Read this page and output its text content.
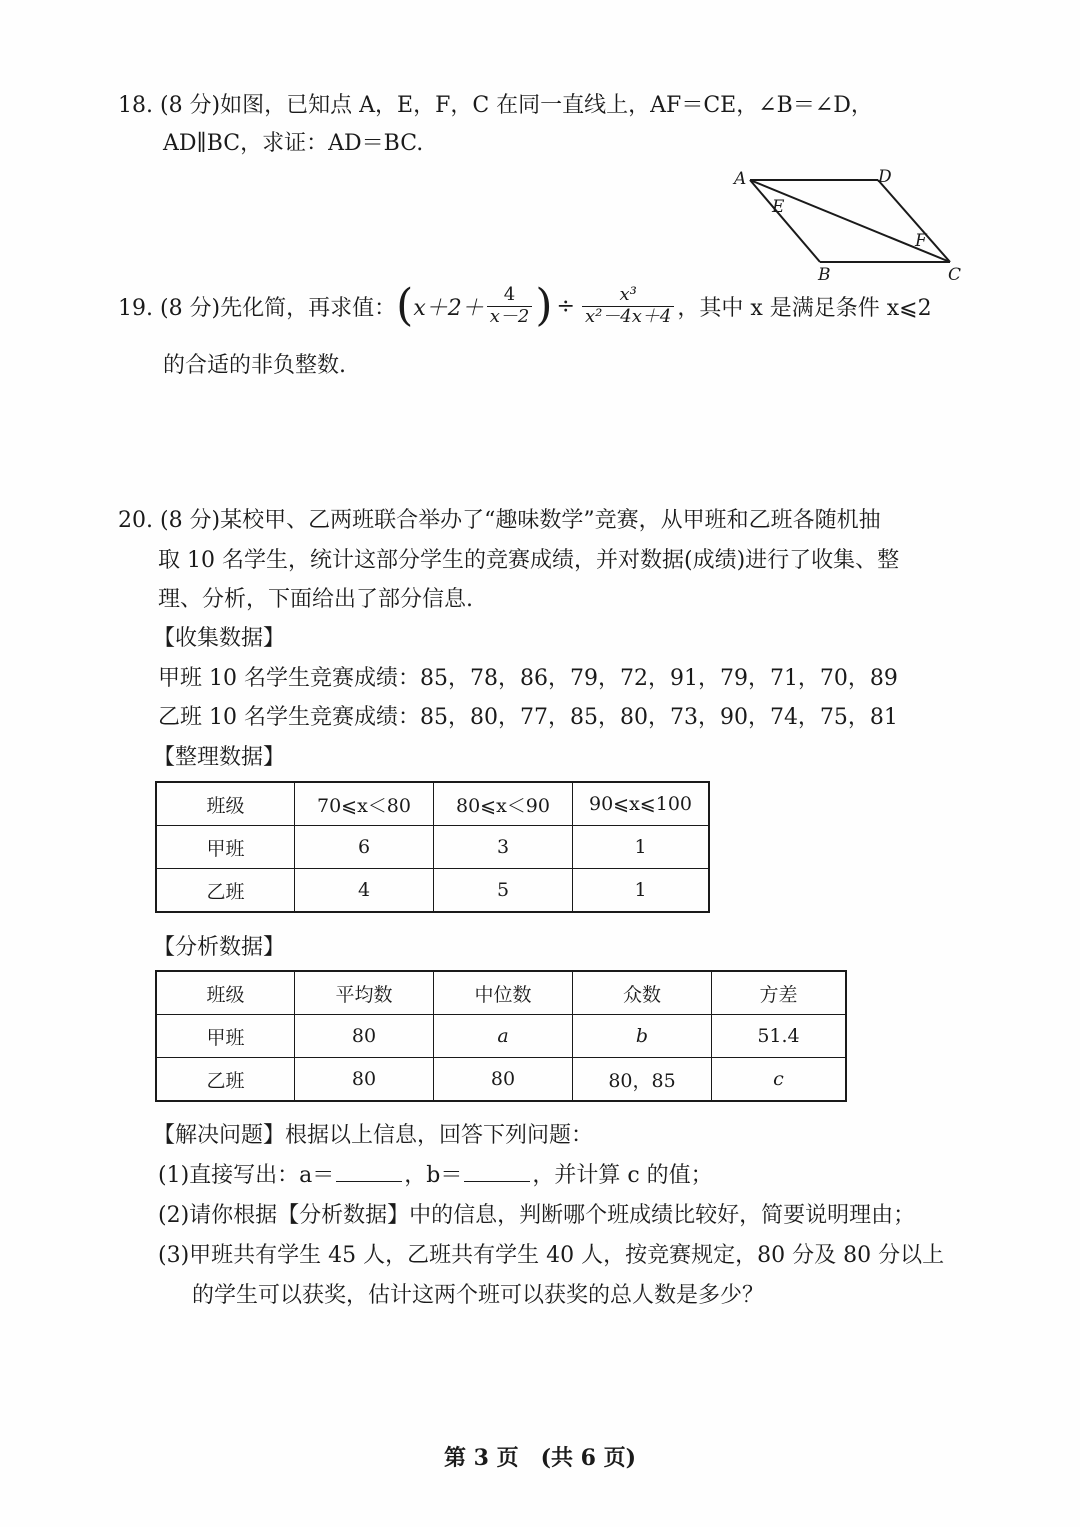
18. (8 分)如图，已知点 A，E，F，C 在同一直线上，AF＝CE，∠B＝∠D，
AD∥BC，求证：AD＝BC.
A	D
E
F
B	C
19. (8 分)先化简，再求值： ( $x+2+ \frac{4}{x-2}$ ) ÷ $\frac{\text{x³}}{\text{x²－4x＋4}}$ ，其中 x 是满足条件 x⩽2
的合适的非负整数.
20. (8 分)某校甲、乙两班联合举办了“趣味数学”竞赛，从甲班和乙班各随机抽
取 10 名学生，统计这部分学生的竞赛成绩，并对数据(成绩)进行了收集、整
理、分析，下面给出了部分信息.
【收集数据】
甲班 10 名学生竞赛成绩：85，78，86，79，72，91，79，71，70，89
乙班 10 名学生竞赛成绩：85，80，77，85，80，73，90，74，75，81
【整理数据】
班级	70⩽x＜80	80⩽x＜90	90⩽x⩽100
甲班	6	3	1
乙班	4	5	1
【分析数据】
班级	平均数	中位数	众数	方差
甲班	80	a	b	51.4
乙班	80	80	80，85	c
【解决问题】根据以上信息，回答下列问题：
(1)直接写出：a＝	，b＝	，并计算 c 的值；
(2)请你根据【分析数据】中的信息，判断哪个班成绩比较好，简要说明理由；
(3)甲班共有学生 45 人，乙班共有学生 40 人，按竞赛规定，80 分及 80 分以上
的学生可以获奖，估计这两个班可以获奖的总人数是多少？
第 3 页　(共 6 页)
